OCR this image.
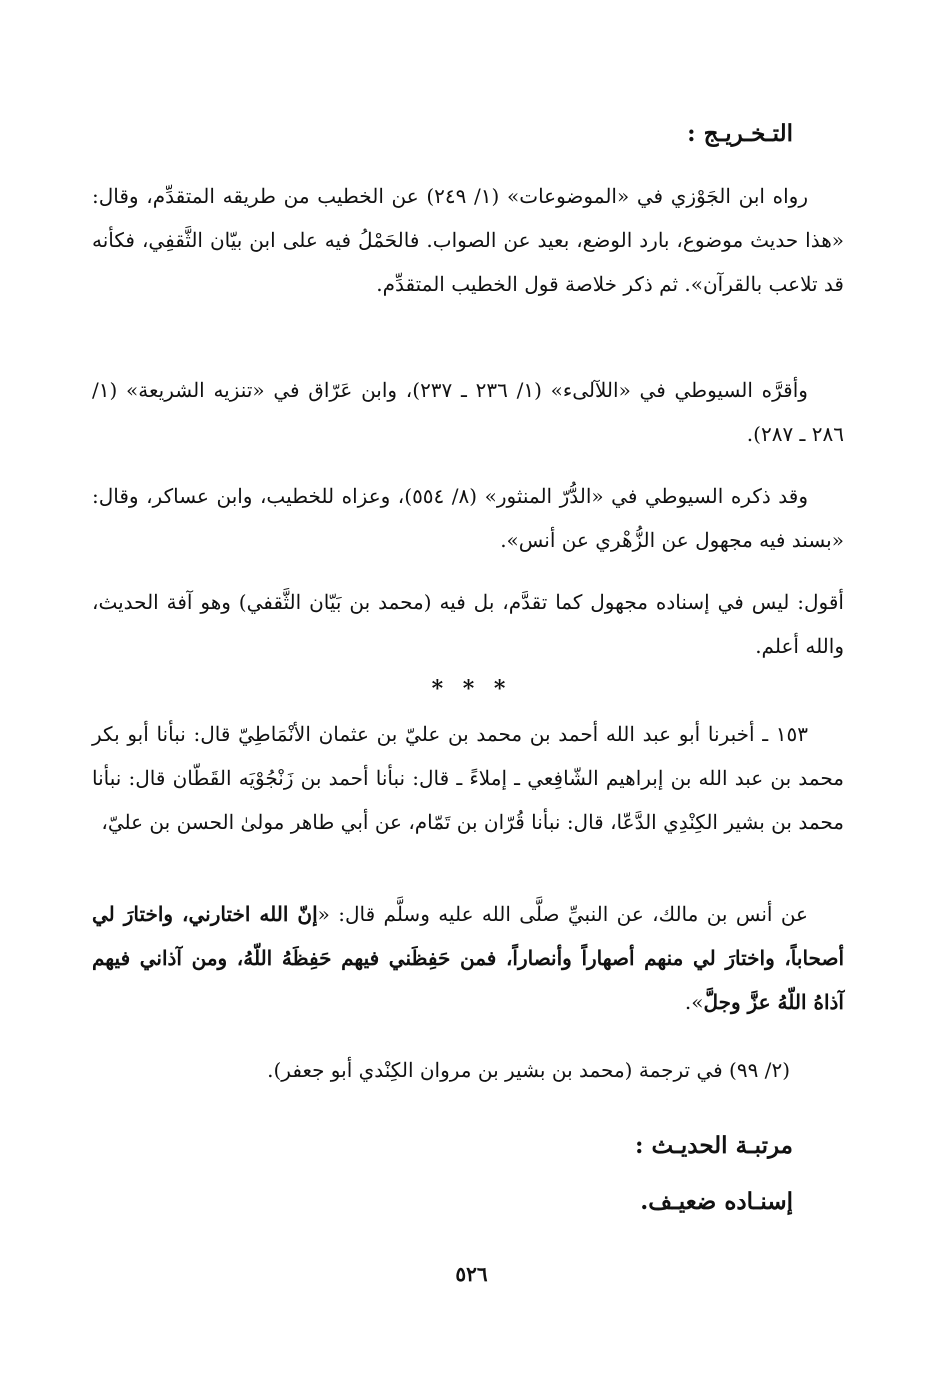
التـخـريـج :
رواه ابن الجَوْزي في «الموضوعات» (١/ ٢٤٩) عن الخطيب من طريقه المتقدِّم، وقال: «هذا حديث موضوع، بارد الوضع، بعيد عن الصواب. فالحَمْلُ فيه على ابن بيّان الثَّقفِي، فكأنه قد تلاعب بالقرآن». ثم ذكر خلاصة قول الخطيب المتقدِّم.
وأقرَّه السيوطي في «اللآلىء» (١/ ٢٣٦ ـ ٢٣٧)، وابن عَرّاق في «تنزيه الشريعة» (١/ ٢٨٦ ـ ٢٨٧).
وقد ذكره السيوطي في «الدُّرّ المنثور» (٨/ ٥٥٤)، وعزاه للخطيب، وابن عساكر، وقال: «بسند فيه مجهول عن الزُّهْري عن أنس».
أقول: ليس في إسناده مجهول كما تقدَّم، بل فيه (محمد بن بَيّان الثَّقفي) وهو آفة الحديث، والله أعلم.
* * *
١٥٣ ـ أخبرنا أبو عبد الله أحمد بن محمد بن عليّ بن عثمان الأنْمَاطِيّ قال: نبأنا أبو بكر محمد بن عبد الله بن إبراهيم الشّافِعي ـ إملاءً ـ قال: نبأنا أحمد بن زَنْجُوْيَه القَطّان قال: نبأنا محمد بن بشير الكِنْدِي الدَّعّا، قال: نبأنا قُرّان بن تَمّام، عن أبي طاهر مولىٰ الحسن بن عليّ،
عن أنس بن مالك، عن النبيِّ صلَّى الله عليه وسلَّم قال: «إنّ الله اختارني، واختارَ لي أصحاباً، واختارَ لي منهم أصهاراً وأنصاراً، فمن حَفِظَني فيهم حَفِظَهُ اللّهُ، ومن آذاني فيهم آذاهُ اللّهُ عزَّ وجلَّ».
(٢/ ٩٩) في ترجمة (محمد بن بشير بن مروان الكِنْدي أبو جعفر).
مرتبـة الحديـث :
إسنـاده ضعيـف.
٥٢٦
